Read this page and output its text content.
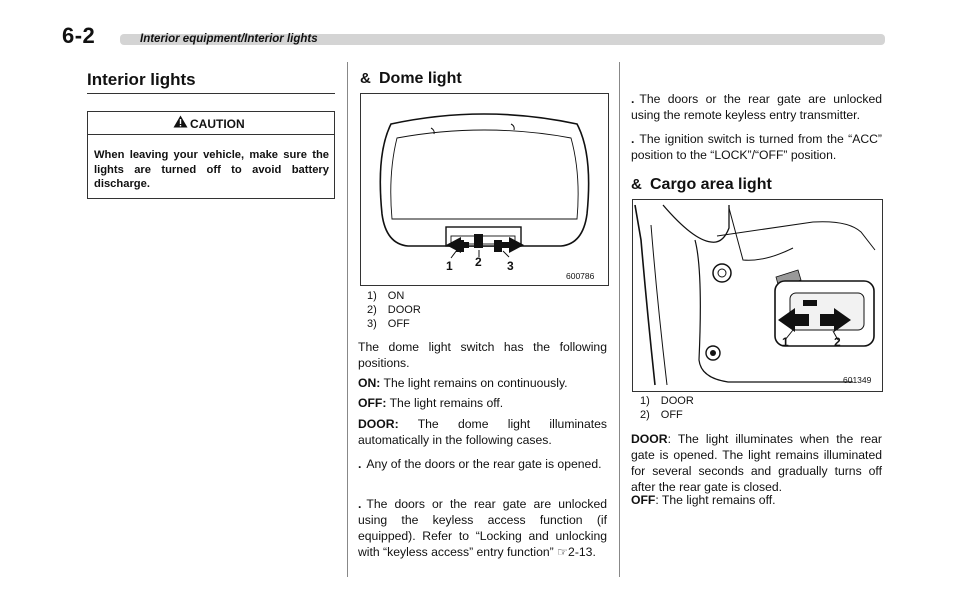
6-2	Interior equipment/Interior lights
Interior lights
CAUTION
When leaving your vehicle, make sure the lights are turned off to avoid battery discharge.
& Dome light
1 2 3
600786
1) ON
2) DOOR
3) OFF
The dome light switch has the following positions.
ON: The light remains on continuously.
OFF: The light remains off.
DOOR: The dome light illuminates automatically in the following cases.
. Any of the doors or the rear gate is opened.
. The doors or the rear gate are unlocked using the keyless access function (if equipped). Refer to “Locking and unlocking with “keyless access” entry function” ☞2-13.
. The doors or the rear gate are unlocked using the remote keyless entry transmitter.
. The ignition switch is turned from the “ACC” position to the “LOCK”/“OFF” position.
& Cargo area light
1	2
601349
1) DOOR
2) OFF
DOOR: The light illuminates when the rear gate is opened. The light remains illuminated for several seconds and gradually turns off after the rear gate is closed.
OFF: The light remains off.
